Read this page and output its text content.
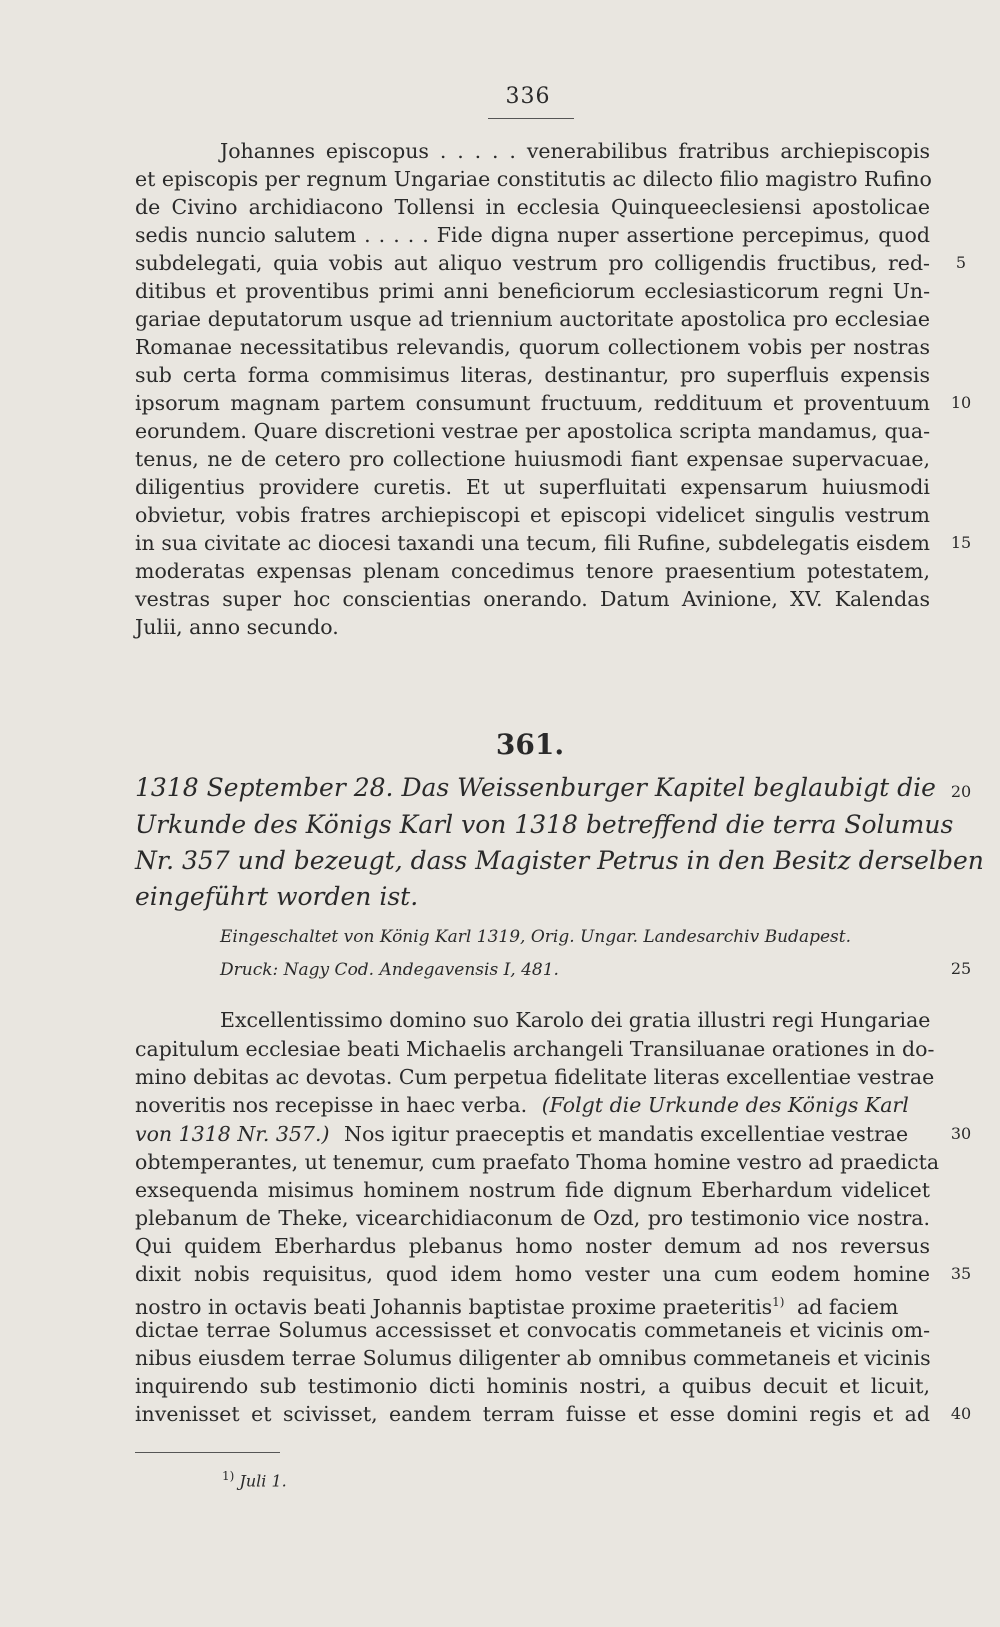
336
Johannes episcopus . . . . . venerabilibus fratribus archiepiscopis
et episcopis per regnum Ungariae constitutis ac dilecto filio magistro Rufino
de Civino archidiacono Tollensi in ecclesia Quinqueeclesiensi apostolicae
sedis nuncio salutem . . . . . Fide digna nuper assertione percepimus, quod
subdelegati, quia vobis aut aliquo vestrum pro colligendis fructibus, red-
ditibus et proventibus primi anni beneficiorum ecclesiasticorum regni Un-
gariae deputatorum usque ad triennium auctoritate apostolica pro ecclesiae
Romanae necessitatibus relevandis, quorum collectionem vobis per nostras
sub certa forma commisimus literas, destinantur, pro superfluis expensis
ipsorum magnam partem consumunt fructuum, reddituum et proventuum
eorundem. Quare discretioni vestrae per apostolica scripta mandamus, qua-
tenus, ne de cetero pro collectione huiusmodi fiant expensae supervacuae,
diligentius providere curetis. Et ut superfluitati expensarum huiusmodi
obvietur, vobis fratres archiepiscopi et episcopi videlicet singulis vestrum
in sua civitate ac diocesi taxandi una tecum, fili Rufine, subdelegatis eisdem
moderatas expensas plenam concedimus tenore praesentium potestatem,
vestras super hoc conscientias onerando. Datum Avinione, XV. Kalendas
Julii, anno secundo.
5
10
15
361.
1318 September 28. Das Weissenburger Kapitel beglaubigt die
Urkunde des Königs Karl von 1318 betreffend die terra Solumus
Nr. 357 und bezeugt, dass Magister Petrus in den Besitz derselben
eingeführt worden ist.
20
Eingeschaltet von König Karl 1319, Orig. Ungar. Landesarchiv Budapest.
Druck: Nagy Cod. Andegavensis I, 481.	25
Excellentissimo domino suo Karolo dei gratia illustri regi Hungariae
capitulum ecclesiae beati Michaelis archangeli Transiluanae orationes in do-
mino debitas ac devotas. Cum perpetua fidelitate literas excellentiae vestrae
noveritis nos recepisse in haec verba. (Folgt die Urkunde des Königs Karl
von 1318 Nr. 357.) Nos igitur praeceptis et mandatis excellentiae vestrae
obtemperantes, ut tenemur, cum praefato Thoma homine vestro ad praedicta
exsequenda misimus hominem nostrum fide dignum Eberhardum videlicet
plebanum de Theke, vicearchidiaconum de Ozd, pro testimonio vice nostra.
Qui quidem Eberhardus plebanus homo noster demum ad nos reversus
dixit nobis requisitus, quod idem homo vester una cum eodem homine
nostro in octavis beati Johannis baptistae proxime praeteritis$^{1)}$ ad faciem
dictae terrae Solumus accessisset et convocatis commetaneis et vicinis om-
nibus eiusdem terrae Solumus diligenter ab omnibus commetaneis et vicinis
inquirendo sub testimonio dicti hominis nostri, a quibus decuit et licuit,
invenisset et scivisset, eandem terram fuisse et esse domini regis et ad
30
35
40
$^{1)}$ Juli 1.
